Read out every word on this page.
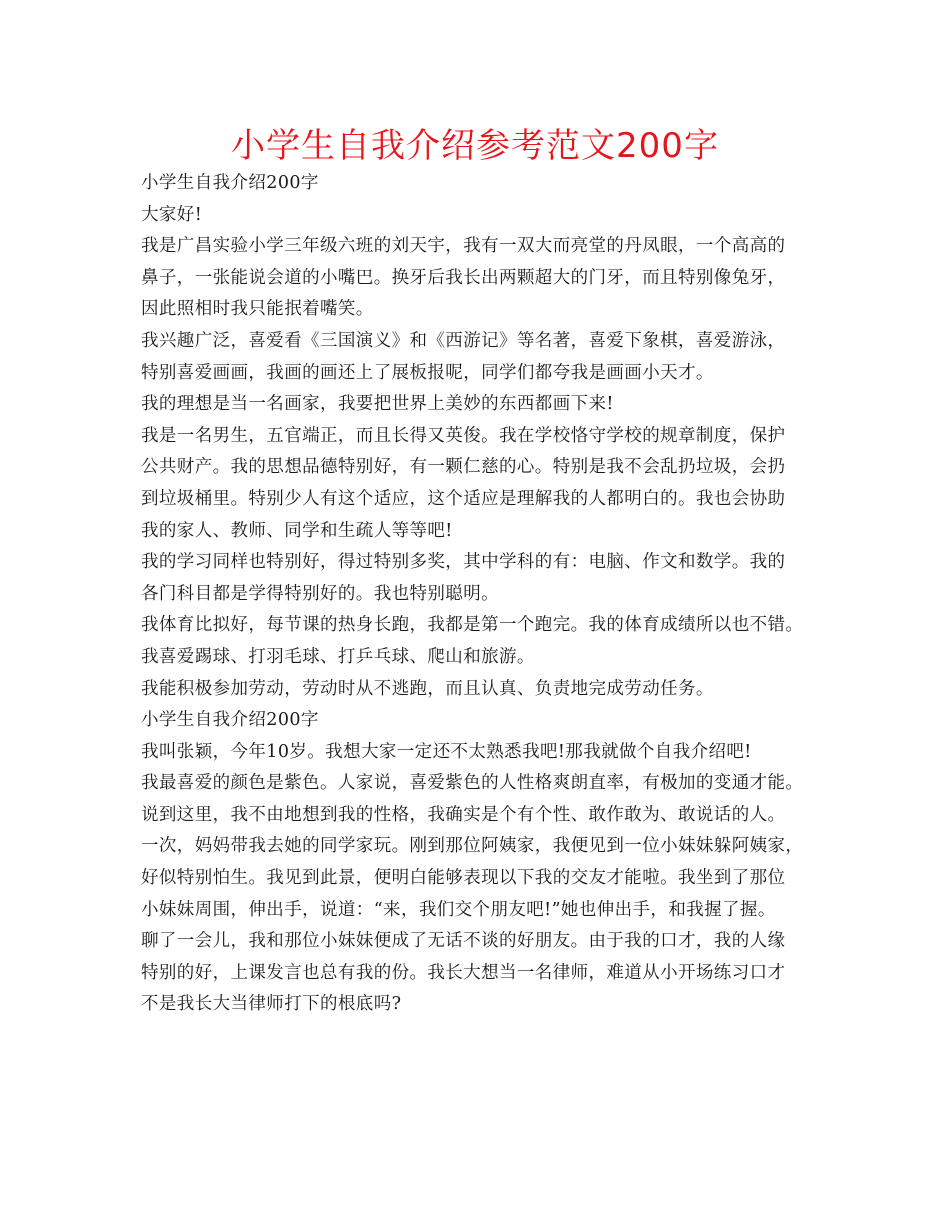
小学生自我介绍参考范文200字
小学生自我介绍200字
大家好!
我是广昌实验小学三年级六班的刘天宇，我有一双大而亮堂的丹凤眼，一个高高的
鼻子，一张能说会道的小嘴巴。换牙后我长出两颗超大的门牙，而且特别像兔牙，
因此照相时我只能抿着嘴笑。
我兴趣广泛，喜爱看《三国演义》和《西游记》等名著，喜爱下象棋，喜爱游泳，
特别喜爱画画，我画的画还上了展板报呢，同学们都夸我是画画小天才。
我的理想是当一名画家，我要把世界上美妙的东西都画下来!
我是一名男生，五官端正，而且长得又英俊。我在学校恪守学校的规章制度，保护
公共财产。我的思想品德特别好，有一颗仁慈的心。特别是我不会乱扔垃圾，会扔
到垃圾桶里。特别少人有这个适应，这个适应是理解我的人都明白的。我也会协助
我的家人、教师、同学和生疏人等等吧!
我的学习同样也特别好，得过特别多奖，其中学科的有：电脑、作文和数学。我的
各门科目都是学得特别好的。我也特别聪明。
我体育比拟好，每节课的热身长跑，我都是第一个跑完。我的体育成绩所以也不错。
我喜爱踢球、打羽毛球、打乒乓球、爬山和旅游。
我能积极参加劳动，劳动时从不逃跑，而且认真、负责地完成劳动任务。
小学生自我介绍200字
我叫张颖，今年10岁。我想大家一定还不太熟悉我吧!那我就做个自我介绍吧!
我最喜爱的颜色是紫色。人家说，喜爱紫色的人性格爽朗直率，有极加的变通才能。
说到这里，我不由地想到我的性格，我确实是个有个性、敢作敢为、敢说话的人。
一次，妈妈带我去她的同学家玩。刚到那位阿姨家，我便见到一位小妹妹躲阿姨家，
好似特别怕生。我见到此景，便明白能够表现以下我的交友才能啦。我坐到了那位
小妹妹周围，伸出手，说道：“来，我们交个朋友吧!”她也伸出手，和我握了握。
聊了一会儿，我和那位小妹妹便成了无话不谈的好朋友。由于我的口才，我的人缘
特别的好，上课发言也总有我的份。我长大想当一名律师，难道从小开场练习口才
不是我长大当律师打下的根底吗?
